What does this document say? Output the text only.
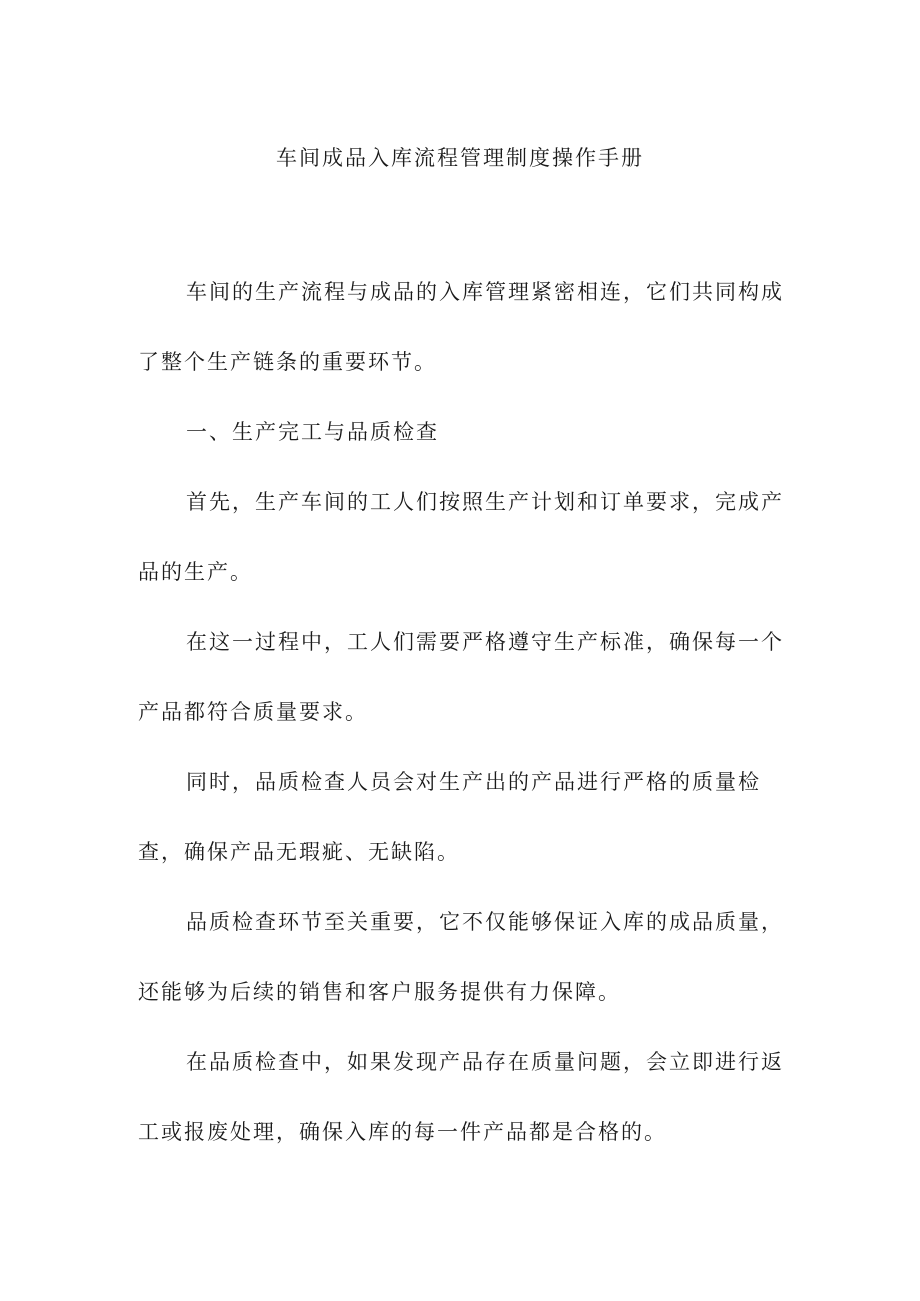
车间成品入库流程管理制度操作手册

车间的生产流程与成品的入库管理紧密相连，它们共同构成了整个生产链条的重要环节。

一、生产完工与品质检查

首先，生产车间的工人们按照生产计划和订单要求，完成产品的生产。

在这一过程中，工人们需要严格遵守生产标准，确保每一个产品都符合质量要求。

同时，品质检查人员会对生产出的产品进行严格的质量检查，确保产品无瑕疵、无缺陷。

品质检查环节至关重要，它不仅能够保证入库的成品质量，还能够为后续的销售和客户服务提供有力保障。

在品质检查中，如果发现产品存在质量问题，会立即进行返工或报废处理，确保入库的每一件产品都是合格的。
